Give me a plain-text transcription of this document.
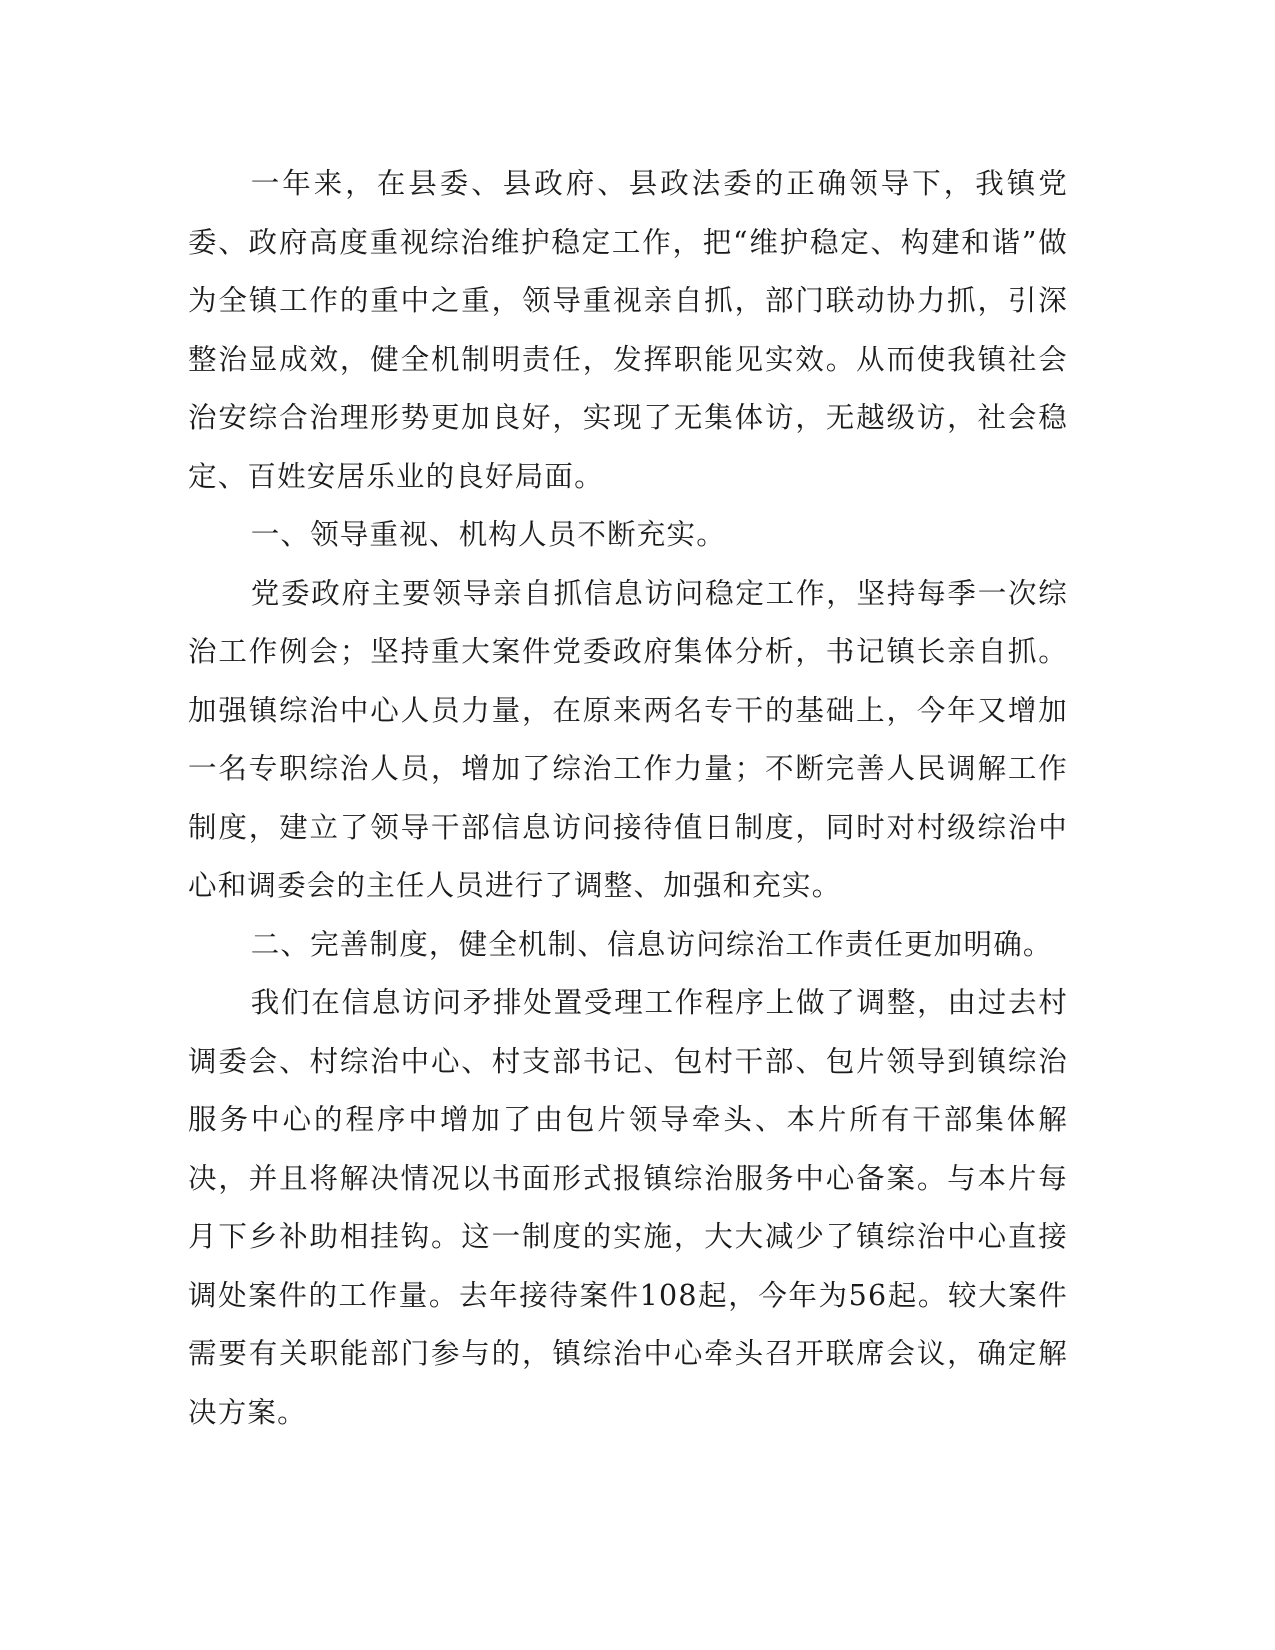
一年来，在县委、县政府、县政法委的正确领导下，我镇党委、政府高度重视综治维护稳定工作，把“维护稳定、构建和谐”做为全镇工作的重中之重，领导重视亲自抓，部门联动协力抓，引深整治显成效，健全机制明责任，发挥职能见实效。从而使我镇社会治安综合治理形势更加良好，实现了无集体访，无越级访，社会稳定、百姓安居乐业的良好局面。

一、领导重视、机构人员不断充实。

党委政府主要领导亲自抓信息访问稳定工作，坚持每季一次综治工作例会；坚持重大案件党委政府集体分析，书记镇长亲自抓。加强镇综治中心人员力量，在原来两名专干的基础上，今年又增加一名专职综治人员，增加了综治工作力量；不断完善人民调解工作制度，建立了领导干部信息访问接待值日制度，同时对村级综治中心和调委会的主任人员进行了调整、加强和充实。

二、完善制度，健全机制、信息访问综治工作责任更加明确。

我们在信息访问矛排处置受理工作程序上做了调整，由过去村调委会、村综治中心、村支部书记、包村干部、包片领导到镇综治服务中心的程序中增加了由包片领导牵头、本片所有干部集体解决，并且将解决情况以书面形式报镇综治服务中心备案。与本片每月下乡补助相挂钩。这一制度的实施，大大减少了镇综治中心直接调处案件的工作量。去年接待案件108起，今年为56起。较大案件需要有关职能部门参与的，镇综治中心牵头召开联席会议，确定解决方案。
